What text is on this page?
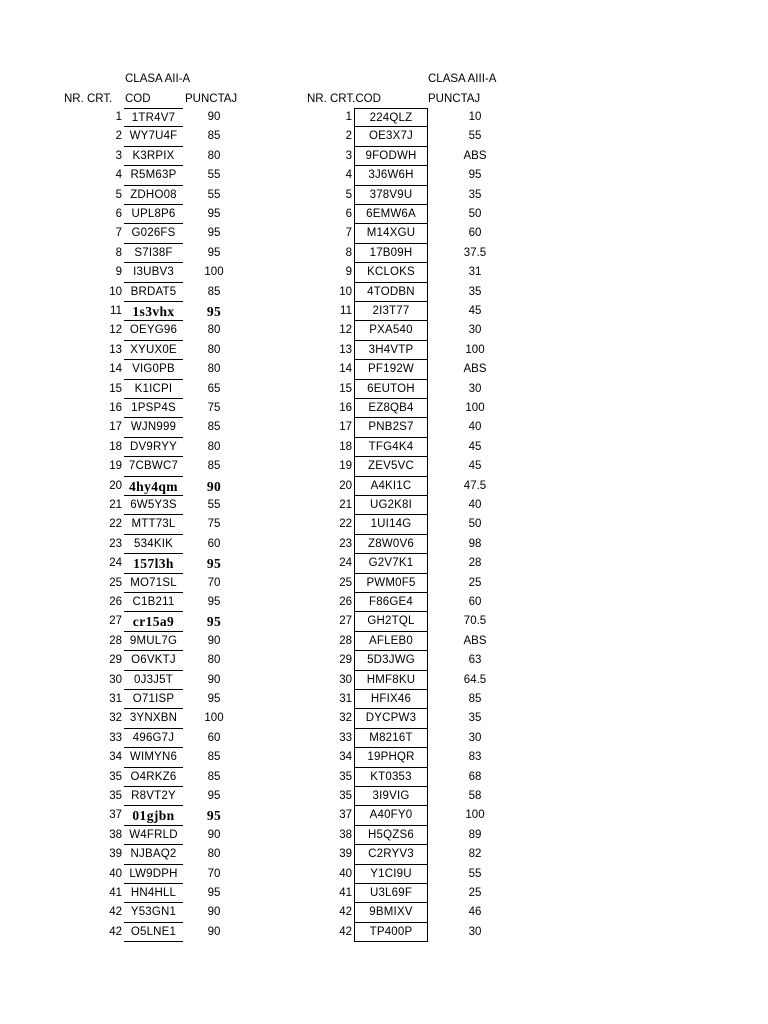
CLASA AII-A
NR. CRT. COD	PUNCTAJ
CLASA AIII-A
NR. CRT.COD	PUNCTAJ
1 1TR4V7	90
2 WY7U4F	85
3 K3RPIX	80
4 R5M63P	55
5 ZDHO08	55
6 UPL8P6	95
7 G026FS	95
8	S7I38F	95
9 I3UBV3	100
10 BRDAT5	85
11 1s3vhx	95
12 OEYG96	80
13 XYUX0E	80
14 VIG0PB	80
15	K1ICPI	65
16 1PSP4S	75
17 WJN999	85
18 DV9RYY	80
19 7CBWC7	85
20 4hy4qm	90
21 6W5Y3S	55
22 MTT73L	75
23	534KIK	60
24 157l3h	95
25 MO71SL	70
26 C1B211	95
27 cr15a9	95
28 9MUL7G	90
29 O6VKTJ	80
30	0J3J5T	90
31 O71ISP	95
32 3YNXBN	100
33 496G7J	60
34 WIMYN6	85
35 O4RKZ6	85
35 R8VT2Y	95
37 01gjbn	95
38 W4FRLD	90
39 NJBAQ2	80
40 LW9DPH	70
41 HN4HLL	95
42 Y53GN1	90
42 O5LNE1	90
1	224QLZ	10
2	OE3X7J	55
3	9FODWH	ABS
4	3J6W6H	95
5	378V9U	35
6	6EMW6A	50
7	M14XGU	60
8	17B09H	37.5
9	KCLOKS	31
10	4TODBN	35
11	2I3T77	45
12	PXA540	30
13	3H4VTP	100
14	PF192W	ABS
15	6EUTOH	30
16	EZ8QB4	100
17	PNB2S7	40
18	TFG4K4	45
19	ZEV5VC	45
20	A4KI1C	47.5
21	UG2K8I	40
22	1UI14G	50
23	Z8W0V6	98
24	G2V7K1	28
25	PWM0F5	25
26	F86GE4	60
27	GH2TQL	70.5
28	AFLEB0	ABS
29	5D3JWG	63
30	HMF8KU	64.5
31	HFIX46	85
32	DYCPW3	35
33	M8216T	30
34	19PHQR	83
35	KT0353	68
35	3I9VIG	58
37	A40FY0	100
38	H5QZS6	89
39	C2RYV3	82
40	Y1CI9U	55
41	U3L69F	25
42	9BMIXV	46
42	TP400P	30
